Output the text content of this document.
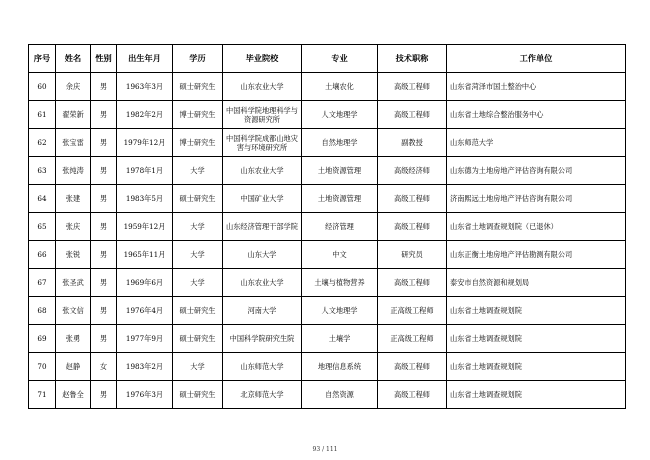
序号	姓名	性别	出生年月	学历	毕业院校	专业	技术职称	工作单位
60	余庆	男	1963年3月	硕士研究生	山东农业大学	土壤农化	高级工程师	山东省菏泽市国土整治中心
61	翟荣新	男	1982年2月	博士研究生	中国科学院地理科学与资源研究所	人文地理学	高级工程师	山东省土地综合整治服务中心
62	张宝雷	男	1979年12月	博士研究生	中国科学院成都山地灾害与环境研究所	自然地理学	副教授	山东师范大学
63	张纯涛	男	1978年1月	大学	山东农业大学	土地资源管理	高级经济师	山东德为土地房地产评估咨询有限公司
64	张建	男	1983年5月	硕士研究生	中国矿业大学	土地资源管理	高级工程师	济南熙远土地房地产评估咨询有限公司
65	张庆	男	1959年12月	大学	山东经济管理干部学院	经济管理	高级工程师	山东省土地调查规划院（已退休）
66	张锐	男	1965年11月	大学	山东大学	中文	研究员	山东正衡土地房地产评估勘测有限公司
67	张圣武	男	1969年6月	大学	山东农业大学	土壤与植物营养	高级工程师	泰安市自然资源和规划局
68	张文信	男	1976年4月	硕士研究生	河南大学	人文地理学	正高级工程师	山东省土地调查规划院
69	张勇	男	1977年9月	硕士研究生	中国科学院研究生院	土壤学	正高级工程师	山东省土地调查规划院
70	赵静	女	1983年2月	大学	山东师范大学	地理信息系统	高级工程师	山东省土地调查规划院
71	赵鲁全	男	1976年3月	硕士研究生	北京师范大学	自然资源	高级工程师	山东省土地调查规划院
93 / 111
